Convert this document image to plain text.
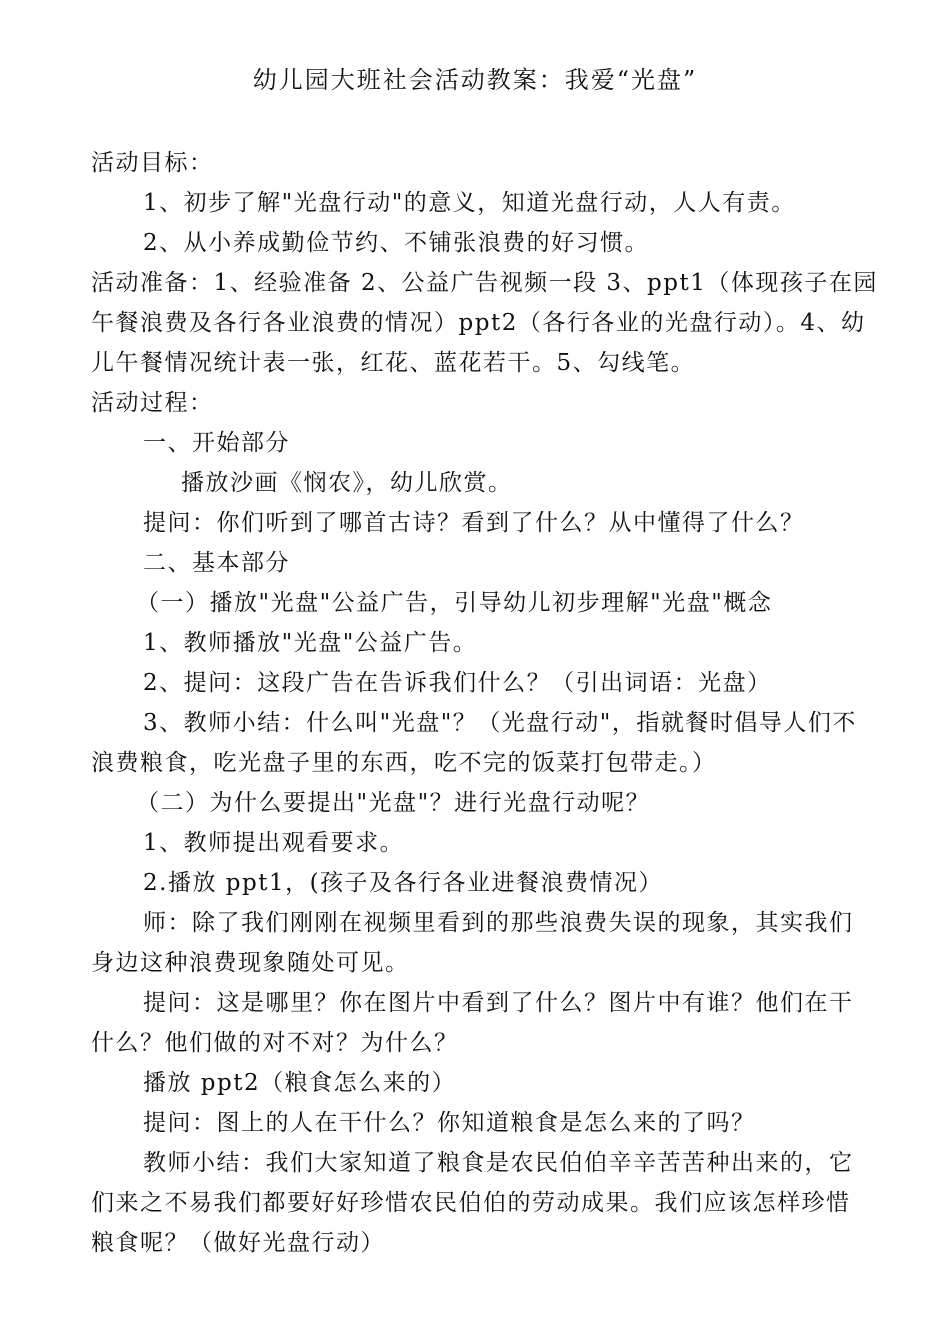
幼儿园大班社会活动教案：我爱“光盘”
活动目标：
1、初步了解"光盘行动"的意义，知道光盘行动，人人有责。
2、从小养成勤俭节约、不铺张浪费的好习惯。
活动准备：1、经验准备 2、公益广告视频一段 3、ppt1（体现孩子在园
午餐浪费及各行各业浪费的情况）ppt2（各行各业的光盘行动）。4、幼
儿午餐情况统计表一张，红花、蓝花若干。5、勾线笔。
活动过程：
一、开始部分
播放沙画《悯农》，幼儿欣赏。
提问：你们听到了哪首古诗？看到了什么？从中懂得了什么？
二、基本部分
（一）播放"光盘"公益广告，引导幼儿初步理解"光盘"概念
1、教师播放"光盘"公益广告。
2、提问：这段广告在告诉我们什么？（引出词语：光盘）
3、教师小结：什么叫"光盘"？（光盘行动"，指就餐时倡导人们不
浪费粮食，吃光盘子里的东西，吃不完的饭菜打包带走。）
（二）为什么要提出"光盘"？进行光盘行动呢？
1、教师提出观看要求。
2.播放 ppt1，(孩子及各行各业进餐浪费情况）
师：除了我们刚刚在视频里看到的那些浪费失误的现象，其实我们
身边这种浪费现象随处可见。
提问：这是哪里？你在图片中看到了什么？图片中有谁？他们在干
什么？他们做的对不对？为什么？
播放 ppt2（粮食怎么来的）
提问：图上的人在干什么？你知道粮食是怎么来的了吗？
教师小结：我们大家知道了粮食是农民伯伯辛辛苦苦种出来的，它
们来之不易我们都要好好珍惜农民伯伯的劳动成果。我们应该怎样珍惜
粮食呢？（做好光盘行动）
